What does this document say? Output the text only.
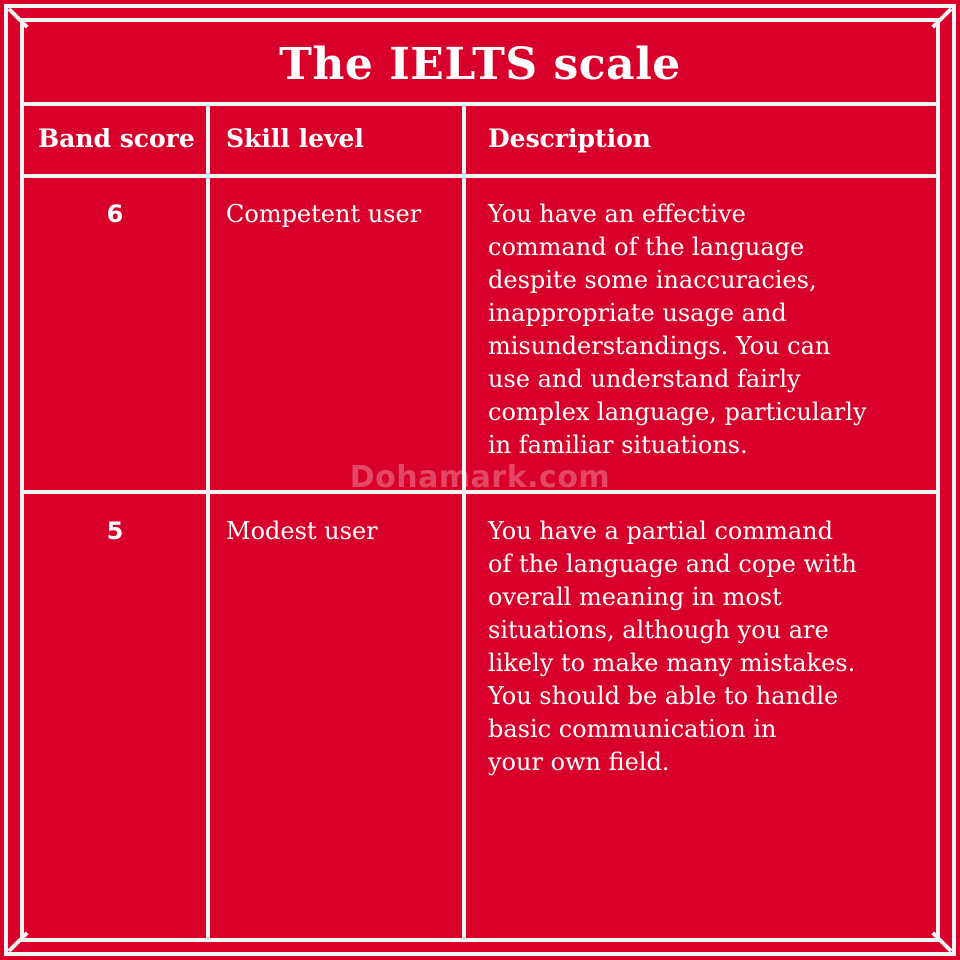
The IELTS scale
Band score	Skill level	Description
6	Competent user	You have an effective
command of the language
despite some inaccuracies,
inappropriate usage and
misunderstandings. You can
use and understand fairly
complex language, particularly
in familiar situations.
5	Modest user	You have a partial command
of the language and cope with
overall meaning in most
situations, although you are
likely to make many mistakes.
You should be able to handle
basic communication in
your own field.
Dohamark.com
